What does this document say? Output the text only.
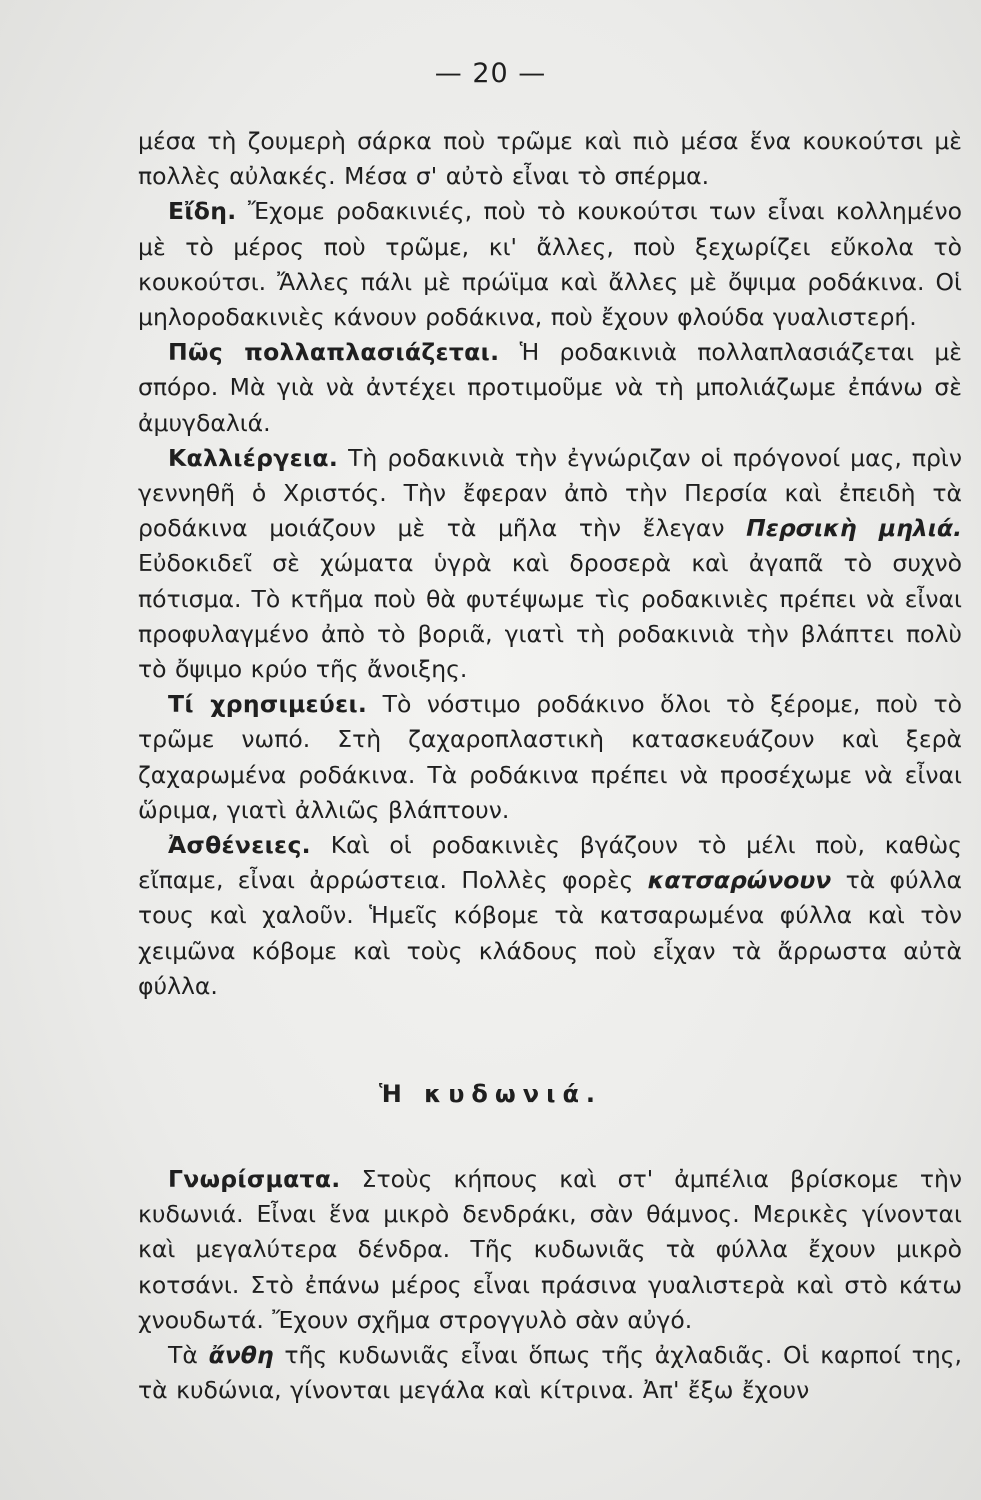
— 20 —

μέσα τὴ ζουμερὴ σάρκα ποὺ τρῶμε καὶ πιὸ μέσα ἕνα κουκούτσι μὲ πολλὲς αὐλακές. Μέσα σ' αὐτὸ εἶναι τὸ σπέρμα.

Εἴδη. Ἔχομε ροδακινιές, ποὺ τὸ κουκούτσι των εἶναι κολλημένο μὲ τὸ μέρος ποὺ τρῶμε, κι' ἄλλες, ποὺ ξεχωρίζει εὔκολα τὸ κουκούτσι. Ἄλλες πάλι μὲ πρώϊμα καὶ ἄλλες μὲ ὄψιμα ροδάκινα. Οἱ μηλοροδακινιὲς κάνουν ροδάκινα, ποὺ ἔχουν φλούδα γυαλιστερή.

Πῶς πολλαπλασιάζεται. Ἡ ροδακινιὰ πολλαπλασιάζεται μὲ σπόρο. Μὰ γιὰ νὰ ἀντέχει προτιμοῦμε νὰ τὴ μπολιάζωμε ἐπάνω σὲ ἀμυγδαλιά.

Καλλιέργεια. Τὴ ροδακινιὰ τὴν ἐγνώριζαν οἱ πρόγονοί μας, πρὶν γεννηθῆ ὁ Χριστός. Τὴν ἔφεραν ἀπὸ τὴν Περσία καὶ ἐπειδὴ τὰ ροδάκινα μοιάζουν μὲ τὰ μῆλα τὴν ἔλεγαν Περσικὴ μηλιά. Εὐδοκιδεῖ σὲ χώματα ὑγρὰ καὶ δροσερὰ καὶ ἀγαπᾶ τὸ συχνὸ πότισμα. Τὸ κτῆμα ποὺ θὰ φυτέψωμε τὶς ροδακινιὲς πρέπει νὰ εἶναι προφυλαγμένο ἀπὸ τὸ βοριᾶ, γιατὶ τὴ ροδακινιὰ τὴν βλάπτει πολὺ τὸ ὄψιμο κρύο τῆς ἄνοιξης.

Τί χρησιμεύει. Τὸ νόστιμο ροδάκινο ὅλοι τὸ ξέρομε, ποὺ τὸ τρῶμε νωπό. Στὴ ζαχαροπλαστικὴ κατασκευάζουν καὶ ξερὰ ζαχαρωμένα ροδάκινα. Τὰ ροδάκινα πρέπει νὰ προσέχωμε νὰ εἶναι ὥριμα, γιατὶ ἀλλιῶς βλάπτουν.

Ἀσθένειες. Καὶ οἱ ροδακινιὲς βγάζουν τὸ μέλι ποὺ, καθὼς εἴπαμε, εἶναι ἀρρώστεια. Πολλὲς φορὲς κατσαρώνουν τὰ φύλλα τους καὶ χαλοῦν. Ἡμεῖς κόβομε τὰ κατσαρωμένα φύλλα καὶ τὸν χειμῶνα κόβομε καὶ τοὺς κλάδους ποὺ εἶχαν τὰ ἄρρωστα αὐτὰ φύλλα.

Ἡ κυδωνιά.

Γνωρίσματα. Στοὺς κήπους καὶ στ' ἀμπέλια βρίσκομε τὴν κυδωνιά. Εἶναι ἕνα μικρὸ δενδράκι, σὰν θάμνος. Μερικὲς γίνονται καὶ μεγαλύτερα δένδρα. Τῆς κυδωνιᾶς τὰ φύλλα ἔχουν μικρὸ κοτσάνι. Στὸ ἐπάνω μέρος εἶναι πράσινα γυαλιστερὰ καὶ στὸ κάτω χνουδωτά. Ἔχουν σχῆμα στρογγυλὸ σὰν αὐγό.

Τὰ ἄνθη τῆς κυδωνιᾶς εἶναι ὅπως τῆς ἀχλαδιᾶς. Οἱ καρποί της, τὰ κυδώνια, γίνονται μεγάλα καὶ κίτρινα. Ἀπ' ἔξω ἔχουν
